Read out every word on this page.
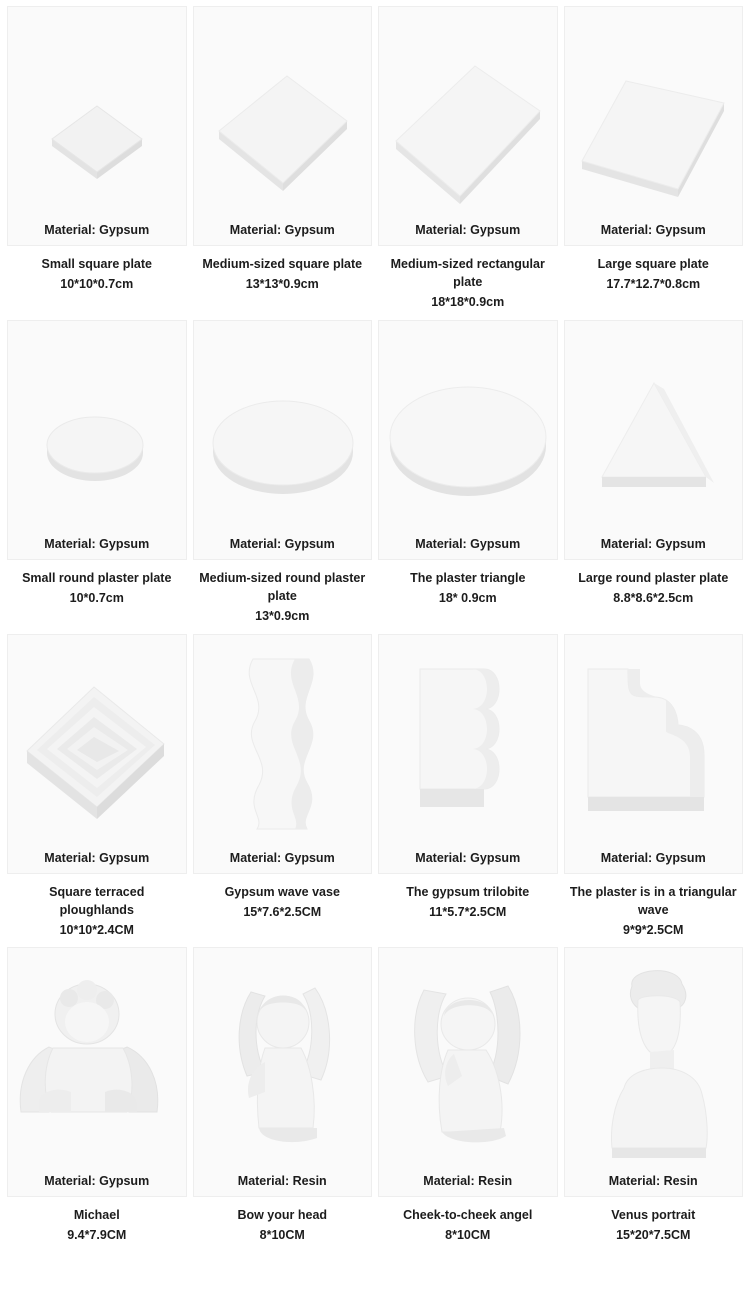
Material: Gypsum
Small square plate
10*10*0.7cm
Material: Gypsum
Medium-sized square plate
13*13*0.9cm
Material: Gypsum
Medium-sized rectangular plate
18*18*0.9cm
Material: Gypsum
Large square plate
17.7*12.7*0.8cm
Material: Gypsum
Small round plaster plate
10*0.7cm
Material: Gypsum
Medium-sized round plaster plate
13*0.9cm
Material: Gypsum
The plaster triangle
18* 0.9cm
Material: Gypsum
Large round plaster plate
8.8*8.6*2.5cm
Material: Gypsum
Square terraced ploughlands
10*10*2.4CM
Material: Gypsum
Gypsum wave vase
15*7.6*2.5CM
Material: Gypsum
The gypsum trilobite
11*5.7*2.5CM
Material: Gypsum
The plaster is in a triangular wave
9*9*2.5CM
Material: Gypsum
Michael
9.4*7.9CM
Material: Resin
Bow your head
8*10CM
Material: Resin
Cheek-to-cheek angel
8*10CM
Material: Resin
Venus portrait
15*20*7.5CM
